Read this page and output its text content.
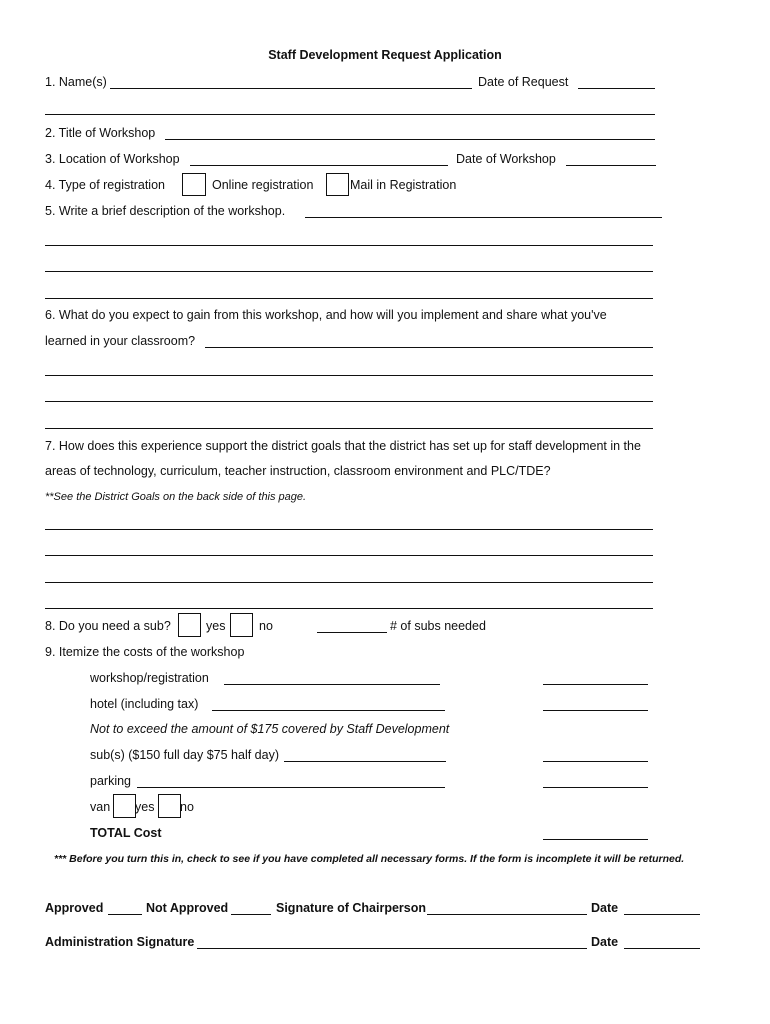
Staff Development Request Application
1. Name(s)	Date of Request
2. Title of Workshop
3. Location of Workshop	Date of Workshop
4. Type of registration	Online registration	Mail in Registration
5. Write a brief description of the workshop.
6. What do you expect to gain from this workshop, and how will you implement and share what you've
learned in your classroom?
7. How does this experience support the district goals that the district has set up for staff development in the
areas of technology, curriculum, teacher instruction, classroom environment and PLC/TDE?
**See the District Goals on the back side of this page.
8. Do you need a sub?	yes	no	# of subs needed
9. Itemize the costs of the workshop
workshop/registration
hotel (including tax)
Not to exceed the amount of $175 covered by Staff Development
sub(s) ($150 full day $75 half day)
parking
van yes no
TOTAL Cost
*** Before you turn this in, check to see if you have completed all necessary forms. If the form is incomplete it will be returned.
Approved	Not Approved	Signature of Chairperson	Date
Administration Signature	Date
